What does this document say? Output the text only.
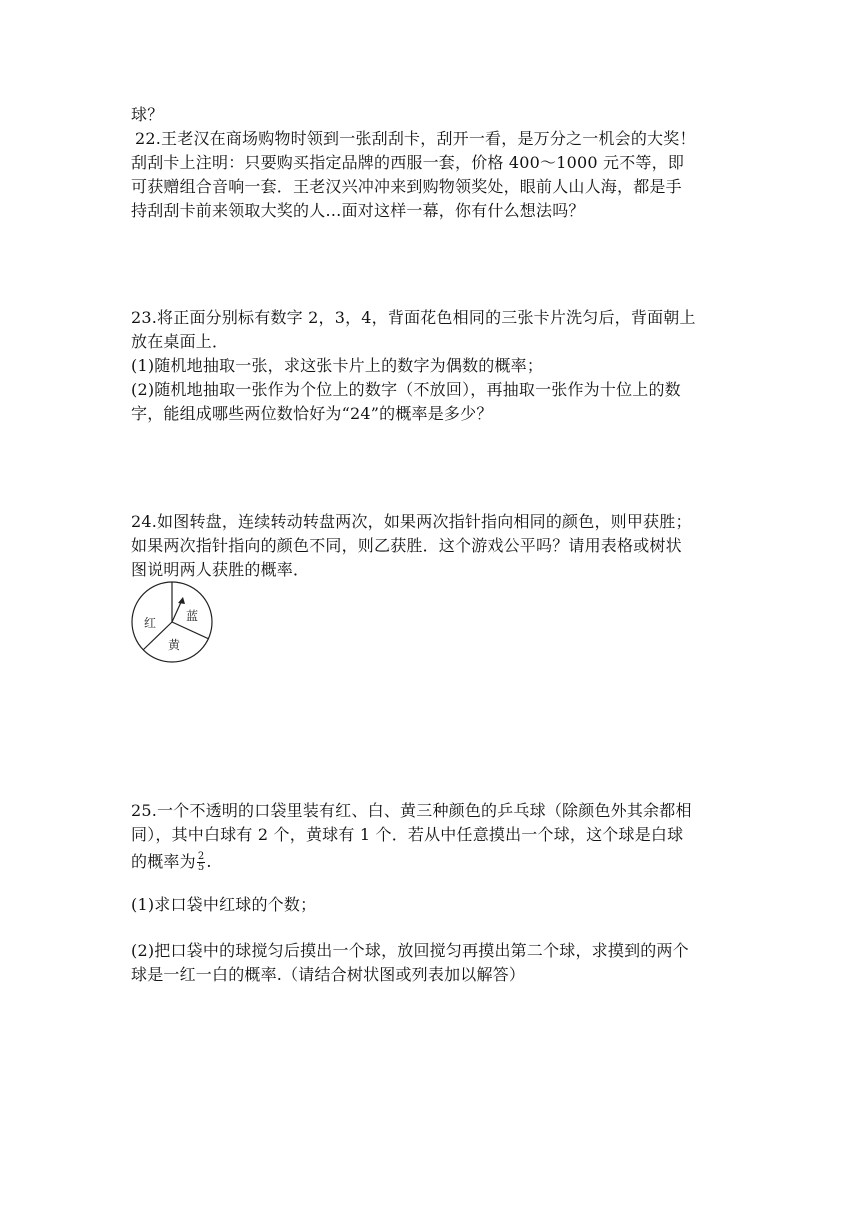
球？
22.王老汉在商场购物时领到一张刮刮卡，刮开一看，是万分之一机会的大奖！
刮刮卡上注明：只要购买指定品牌的西服一套，价格 400～1000 元不等，即
可获赠组合音响一套．王老汉兴冲冲来到购物领奖处，眼前人山人海，都是手
持刮刮卡前来领取大奖的人…面对这样一幕，你有什么想法吗？
23.将正面分别标有数字 2，3，4，背面花色相同的三张卡片洗匀后，背面朝上
放在桌面上．
(1)随机地抽取一张，求这张卡片上的数字为偶数的概率；
(2)随机地抽取一张作为个位上的数字（不放回），再抽取一张作为十位上的数
字，能组成哪些两位数恰好为“24”的概率是多少？
24.如图转盘，连续转动转盘两次，如果两次指针指向相同的颜色，则甲获胜；
如果两次指针指向的颜色不同，则乙获胜．这个游戏公平吗？请用表格或树状
图说明两人获胜的概率．
红 蓝
黄
25.一个不透明的口袋里装有红、白、黄三种颜色的乒乓球（除颜色外其余都相
同），其中白球有 2 个，黄球有 1 个．若从中任意摸出一个球，这个球是白球
的概率为 $\frac{2}{5}$ .
(1)求口袋中红球的个数；
(2)把口袋中的球搅匀后摸出一个球，放回搅匀再摸出第二个球，求摸到的两个
球是一红一白的概率.（请结合树状图或列表加以解答）
